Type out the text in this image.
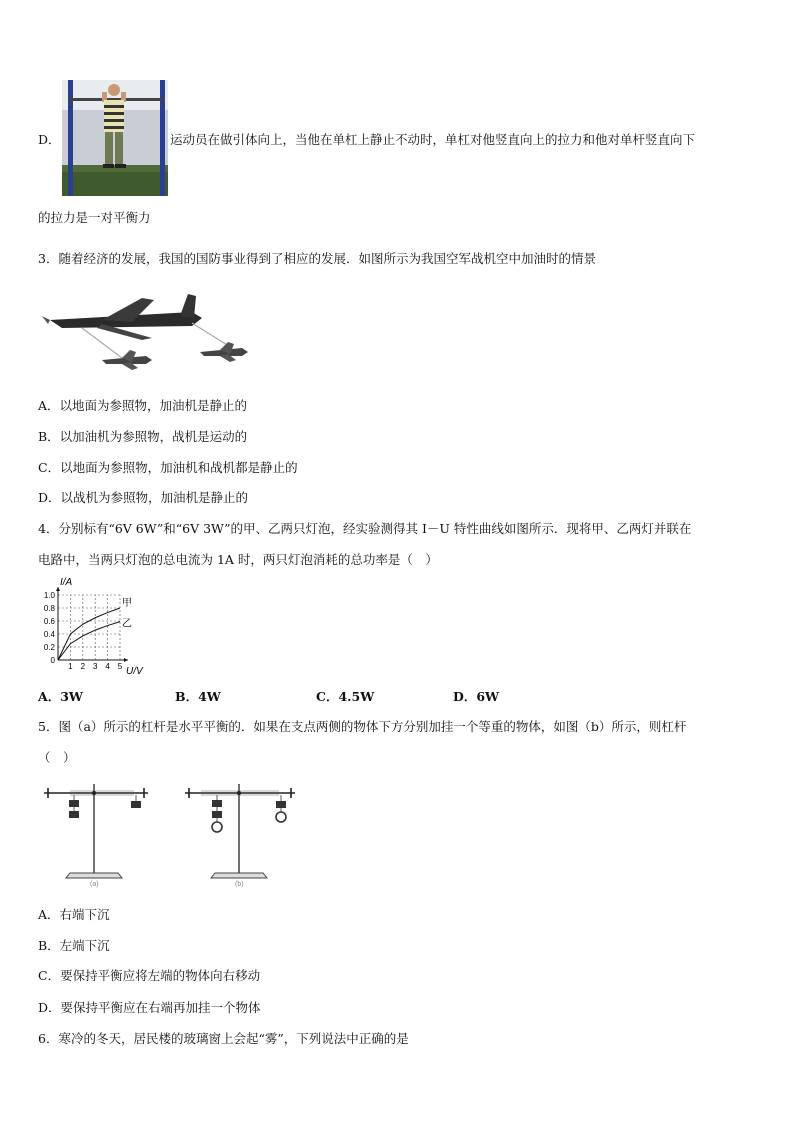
D．	运动员在做引体向上，当他在单杠上静止不动时，单杠对他竖直向上的拉力和他对单杆竖直向下
的拉力是一对平衡力
3．随着经济的发展，我国的国防事业得到了相应的发展．如图所示为我国空军战机空中加油时的情景
A．以地面为参照物，加油机是静止的
B．以加油机为参照物，战机是运动的
C．以地面为参照物，加油机和战机都是静止的
D．以战机为参照物，加油机是静止的
4．分别标有“6V 6W”和“6V 3W”的甲、乙两只灯泡，经实验测得其 I－U 特性曲线如图所示．现将甲、乙两灯并联在
电路中，当两只灯泡的总电流为 1A 时，两只灯泡消耗的总功率是（　）
0
0.2
0.4
0.6
0.8
1.0
1 2 3 4 5
甲
乙
I/A
U/V
A．3W	B．4W	C．4.5W	D．6W
5．图（a）所示的杠杆是水平平衡的．如果在支点两侧的物体下方分别加挂一个等重的物体，如图（b）所示，则杠杆
（　）
(a)	(b)
A．右端下沉
B．左端下沉
C．要保持平衡应将左端的物体向右移动
D．要保持平衡应在右端再加挂一个物体
6．寒冷的冬天，居民楼的玻璃窗上会起“雾”，下列说法中正确的是
